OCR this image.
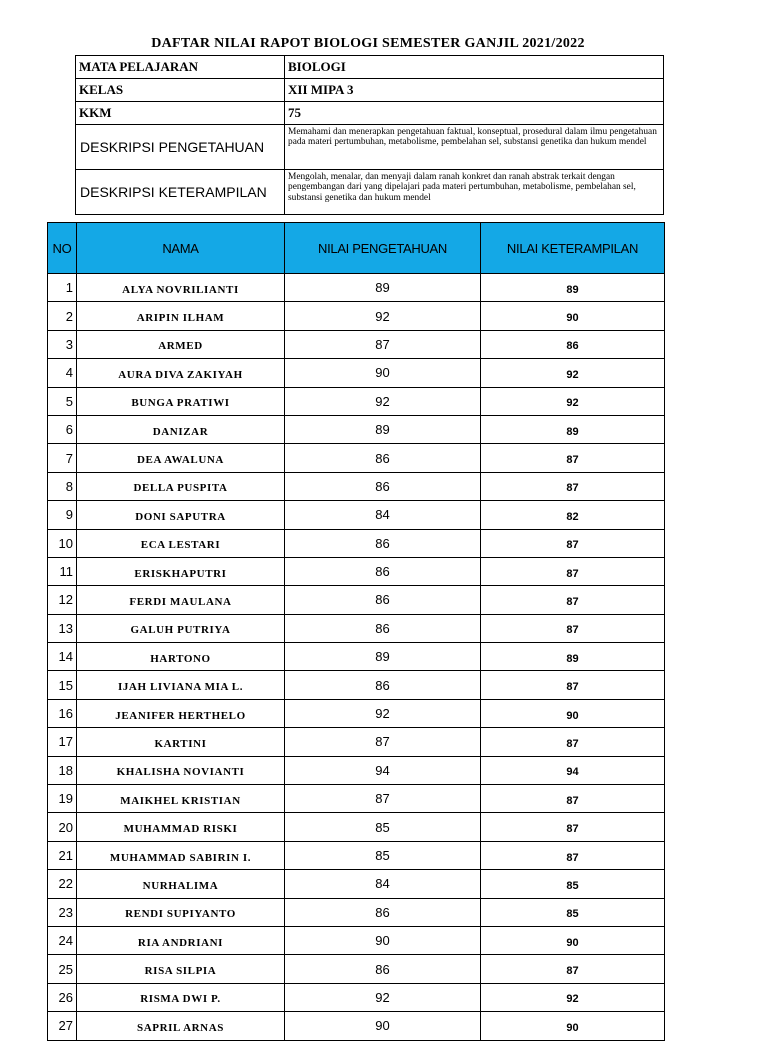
DAFTAR NILAI RAPOT BIOLOGI SEMESTER GANJIL 2021/2022
MATA PELAJARAN	BIOLOGI
KELAS	XII MIPA 3
KKM	75
DESKRIPSI PENGETAHUAN	Memahami dan menerapkan pengetahuan faktual, konseptual, prosedural dalam ilmu pengetahuan pada materi pertumbuhan, metabolisme, pembelahan sel, substansi genetika dan hukum mendel
DESKRIPSI KETERAMPILAN	Mengolah, menalar, dan menyaji dalam ranah konkret dan ranah abstrak terkait dengan pengembangan dari yang dipelajari pada materi pertumbuhan, metabolisme, pembelahan sel, substansi genetika dan hukum mendel
NO	NAMA	NILAI PENGETAHUAN	NILAI KETERAMPILAN
1	ALYA NOVRILIANTI	89	89
2	ARIPIN ILHAM	92	90
3	ARMED	87	86
4	AURA DIVA ZAKIYAH	90	92
5	BUNGA PRATIWI	92	92
6	DANIZAR	89	89
7	DEA AWALUNA	86	87
8	DELLA PUSPITA	86	87
9	DONI SAPUTRA	84	82
10	ECA LESTARI	86	87
11	ERISKHAPUTRI	86	87
12	FERDI MAULANA	86	87
13	GALUH PUTRIYA	86	87
14	HARTONO	89	89
15	IJAH LIVIANA MIA L.	86	87
16	JEANIFER HERTHELO	92	90
17	KARTINI	87	87
18	KHALISHA NOVIANTI	94	94
19	MAIKHEL KRISTIAN	87	87
20	MUHAMMAD RISKI	85	87
21	MUHAMMAD SABIRIN I.	85	87
22	NURHALIMA	84	85
23	RENDI SUPIYANTO	86	85
24	RIA ANDRIANI	90	90
25	RISA SILPIA	86	87
26	RISMA DWI P.	92	92
27	SAPRIL ARNAS	90	90
